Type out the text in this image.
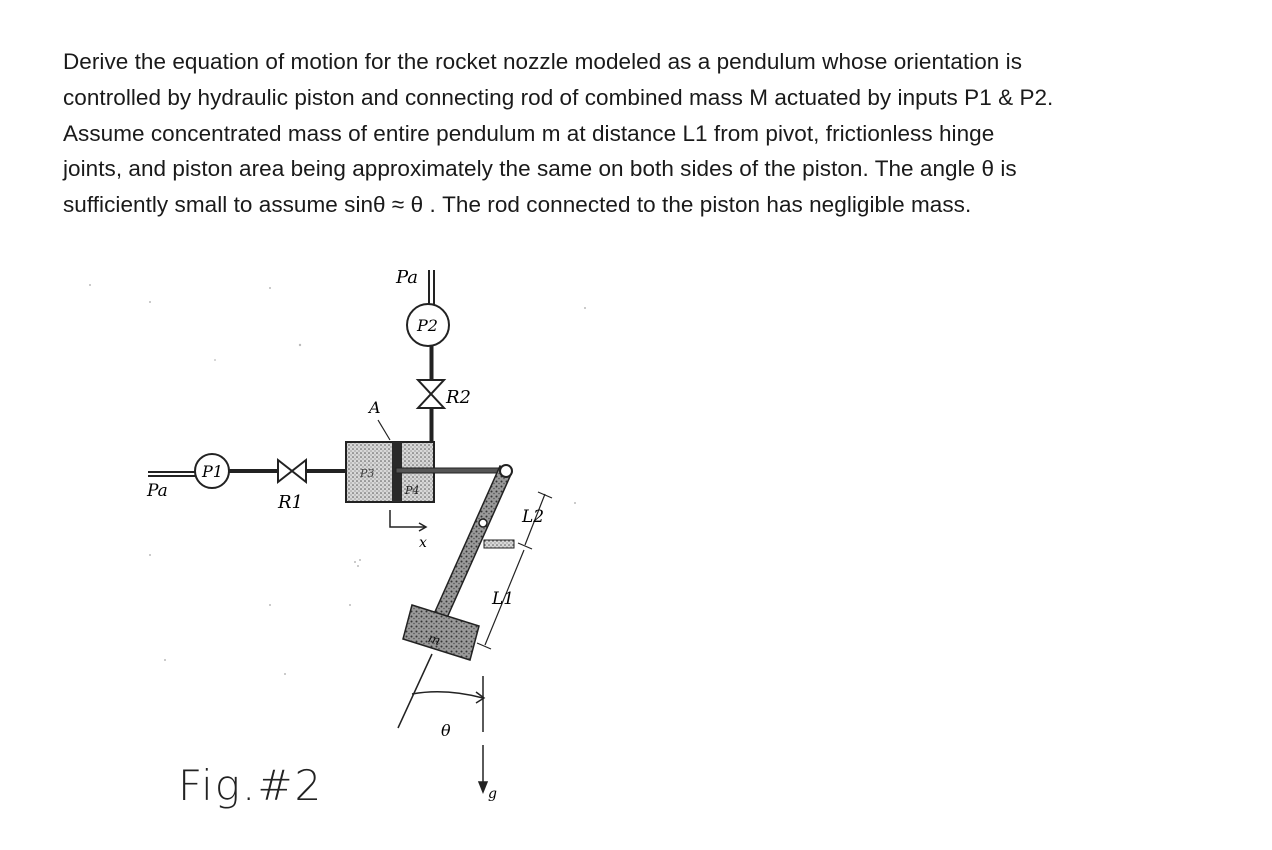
Derive the equation of motion for the rocket nozzle modeled as a pendulum whose orientation is
controlled by hydraulic piston and connecting rod of combined mass M actuated by inputs P1 & P2.
Assume concentrated mass of entire pendulum m at distance L1 from pivot, frictionless hinge
joints, and piston area being approximately the same on both sides of the piston. The angle θ is
sufficiently small to assume sinθ ≈ θ . The rod connected to the piston has negligible mass.
Pa
P2
R2
A
P1
Pa
R1
P3
P4
x
L2
L1
m
θ
g
Fig.#2
